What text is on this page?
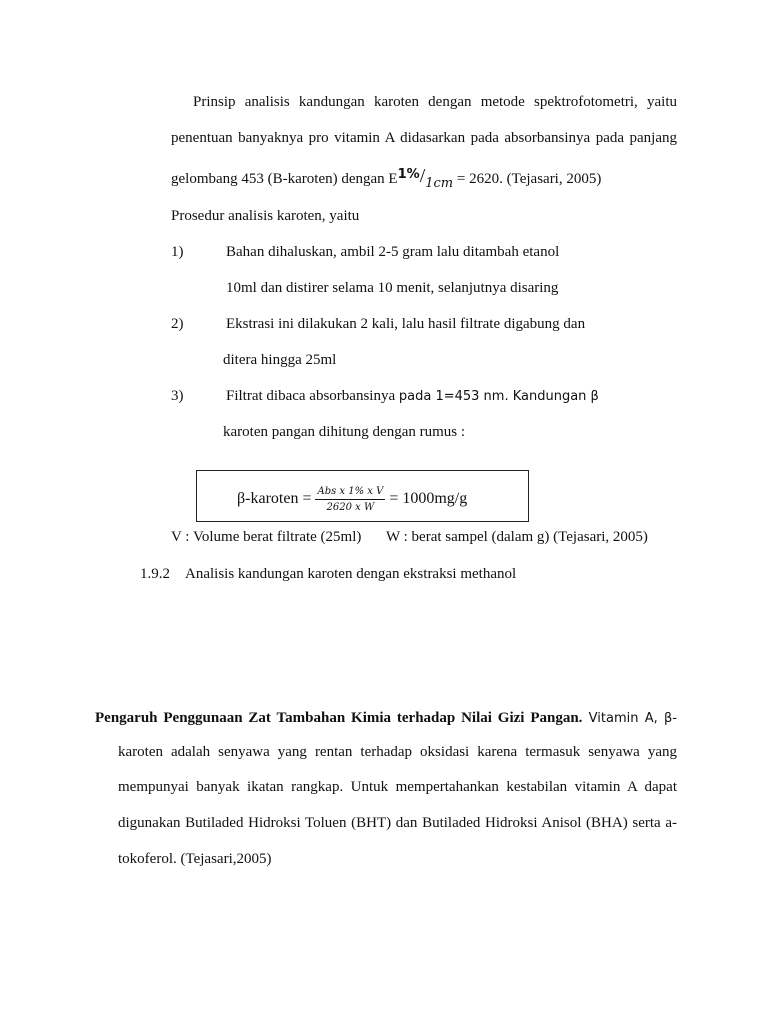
Prinsip analisis kandungan karoten dengan metode spektrofotometri, yaitu
penentuan banyaknya pro vitamin A didasarkan pada absorbansinya pada panjang
gelombang 453 (B-karoten) dengan E1%/1cm = 2620. (Tejasari, 2005)
Prosedur analisis karoten, yaitu
1)	Bahan dihaluskan, ambil 2-5 gram lalu ditambah etanol
10ml dan distirer selama 10 menit, selanjutnya disaring
2)	Ekstrasi ini dilakukan 2 kali, lalu hasil filtrate digabung dan
ditera hingga 25ml
3)	Filtrat dibaca absorbansinya pada 1=453 nm. Kandungan β
karoten pangan dihitung dengan rumus :
β-karoten = $\frac{\text{Abs x 1\% x V}}{\text{2620 x W}} = 1000mg/g$
V : Volume berat filtrate (25ml) W : berat sampel (dalam g) (Tejasari, 2005)
1.9.2 Analisis kandungan karoten dengan ekstraksi methanol
Pengaruh Penggunaan Zat Tambahan Kimia terhadap Nilai Gizi Pangan. Vitamin A, β-
karoten adalah senyawa yang rentan terhadap oksidasi karena termasuk senyawa yang
mempunyai banyak ikatan rangkap. Untuk mempertahankan kestabilan vitamin A dapat
digunakan Butiladed Hidroksi Toluen (BHT) dan Butiladed Hidroksi Anisol (BHA) serta a-
tokoferol. (Tejasari,2005)
